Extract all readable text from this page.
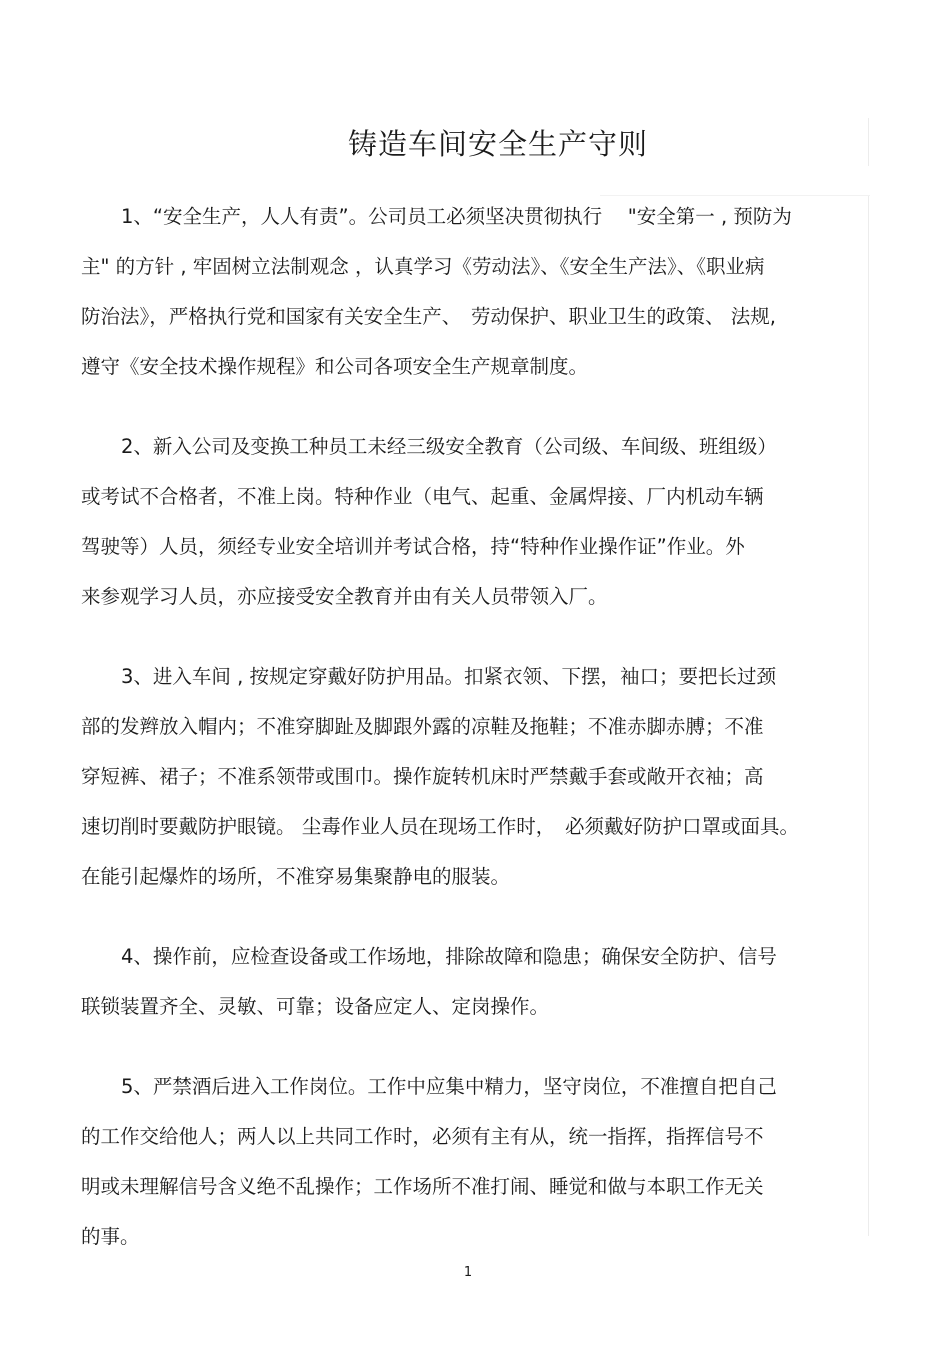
铸造车间安全生产守则
1、“安全生产，人人有责”。公司员工必须坚决贯彻执行　 "安全第一 , 预防为
主" 的方针 , 牢固树立法制观念 ，认真学习《劳动法》、《安全生产法》、《职业病
防治法》，严格执行党和国家有关安全生产、　劳动保护、职业卫生的政策、 法规,
遵守《安全技术操作规程》和公司各项安全生产规章制度。
2、新入公司及变换工种员工未经三级安全教育（公司级、车间级、班组级）
或考试不合格者，不准上岗。特种作业（电气、起重、金属焊接、厂内机动车辆
驾驶等）人员，须经专业安全培训并考试合格，持“特种作业操作证”作业。外
来参观学习人员，亦应接受安全教育并由有关人员带领入厂。
3、进入车间 , 按规定穿戴好防护用品。扣紧衣领、下摆，袖口；要把长过颈
部的发辫放入帽内；不准穿脚趾及脚跟外露的凉鞋及拖鞋；不准赤脚赤膊；不准
穿短裤、裙子；不准系领带或围巾。操作旋转机床时严禁戴手套或敞开衣袖；高
速切削时要戴防护眼镜。 尘毒作业人员在现场工作时，　必须戴好防护口罩或面具。
在能引起爆炸的场所，不准穿易集聚静电的服装。
4、操作前，应检查设备或工作场地，排除故障和隐患；确保安全防护、信号
联锁装置齐全、灵敏、可靠；设备应定人、定岗操作。
5、严禁酒后进入工作岗位。工作中应集中精力，坚守岗位，不准擅自把自己
的工作交给他人；两人以上共同工作时，必须有主有从，统一指挥，指挥信号不
明或未理解信号含义绝不乱操作；工作场所不准打闹、睡觉和做与本职工作无关
的事。
1
